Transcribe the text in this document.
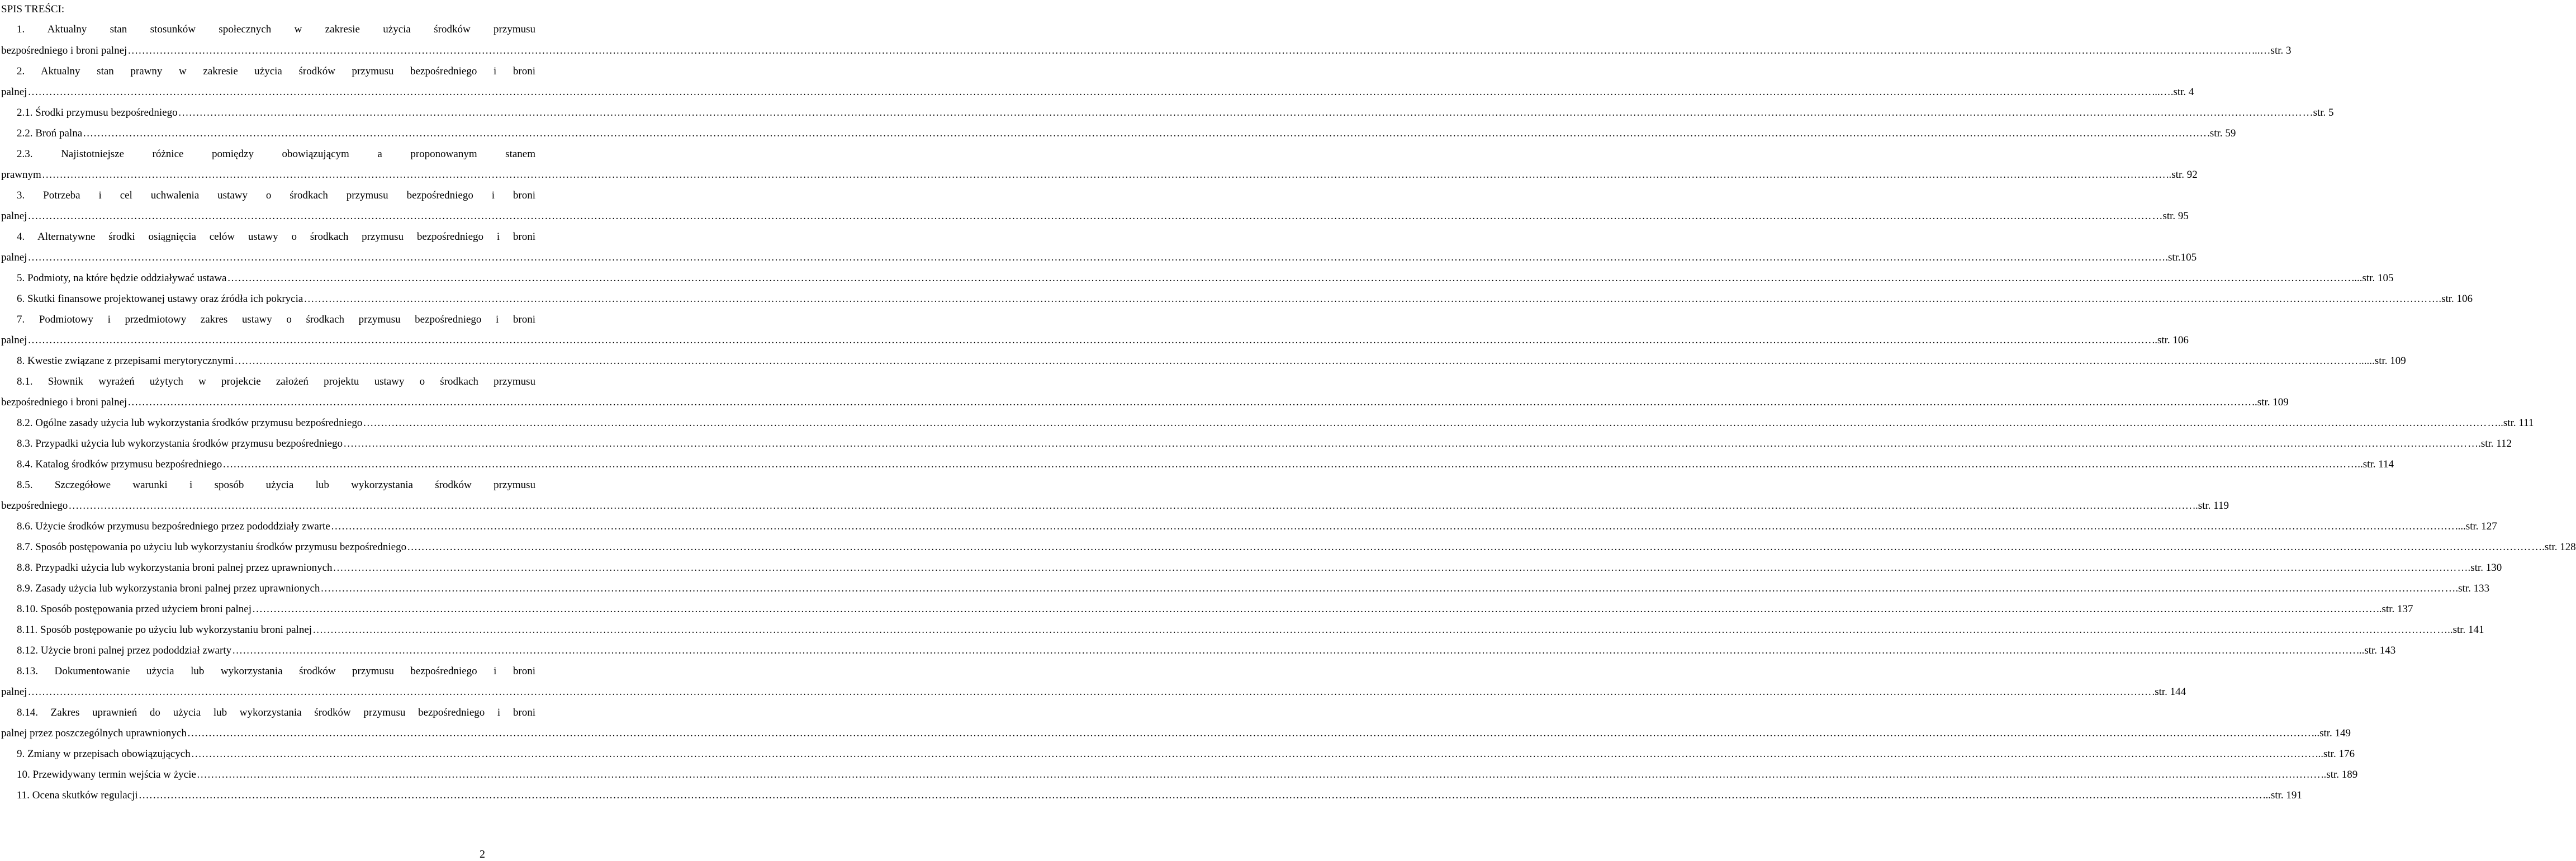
SPIS TREŚCI:
1. Aktualny stan stosunków społecznych w zakresie użycia środków przymusu
bezpośredniego i broni palnej …………………………………………………………………………………………………………………………………………………………………………………………………………………………………………………………………………………………………………………………………………………………………………………………………………………………………………………………………………………………………………………………………………………… ...…str. 3
2. Aktualny stan prawny w zakresie użycia środków przymusu bezpośredniego i broni
palnej …………………………………………………………………………………………………………………………………………………………………………………………………………………………………………………………………………………………………………………………………………………………………………………………………………………………………………………………………………………………………………………………………………………… ...….str. 4
2.1. Środki przymusu bezpośredniego …………………………………………………………………………………………………………………………………………………………………………………………………………………………………………………………………………………………………………………………………………………………………………………………………………………………………………………………………………………………………………………………………………………… …str. 5
2.2. Broń palna …………………………………………………………………………………………………………………………………………………………………………………………………………………………………………………………………………………………………………………………………………………………………………………………………………………………………………………………………………………………………………………………………………………… .str. 59
2.3. Najistotniejsze różnice pomiędzy obowiązującym a proponowanym stanem
prawnym …………………………………………………………………………………………………………………………………………………………………………………………………………………………………………………………………………………………………………………………………………………………………………………………………………………………………………………………………………………………………………………………………………………… ..str. 92
3. Potrzeba i cel uchwalenia ustawy o środkach przymusu bezpośredniego i broni
palnej …………………………………………………………………………………………………………………………………………………………………………………………………………………………………………………………………………………………………………………………………………………………………………………………………………………………………………………………………………………………………………………………………………………… …str. 95
4. Alternatywne środki osiągnięcia celów ustawy o środkach przymusu bezpośredniego i broni
palnej …………………………………………………………………………………………………………………………………………………………………………………………………………………………………………………………………………………………………………………………………………………………………………………………………………………………………………………………………………………………………………………………………………………… .….str.105
5. Podmioty, na które będzie oddziaływać ustawa …………………………………………………………………………………………………………………………………………………………………………………………………………………………………………………………………………………………………………………………………………………………………………………………………………………………………………………………………………………………………………………………………………………… ....str. 105
6. Skutki finansowe projektowanej ustawy oraz źródła ich pokrycia …………………………………………………………………………………………………………………………………………………………………………………………………………………………………………………………………………………………………………………………………………………………………………………………………………………………………………………………………………………………………………………………………………………… ….str. 106
7. Podmiotowy i przedmiotowy zakres ustawy o środkach przymusu bezpośredniego i broni
palnej …………………………………………………………………………………………………………………………………………………………………………………………………………………………………………………………………………………………………………………………………………………………………………………………………………………………………………………………………………………………………………………………………………………… ..str. 106
8. Kwestie związane z przepisami merytorycznymi …………………………………………………………………………………………………………………………………………………………………………………………………………………………………………………………………………………………………………………………………………………………………………………………………………………………………………………………………………………………………………………………………………………… ......str. 109
8.1. Słownik wyrażeń użytych w projekcie założeń projektu ustawy o środkach przymusu
bezpośredniego i broni palnej …………………………………………………………………………………………………………………………………………………………………………………………………………………………………………………………………………………………………………………………………………………………………………………………………………………………………………………………………………………………………………………………………………………… ..str. 109
8.2. Ogólne zasady użycia lub wykorzystania środków przymusu bezpośredniego …………………………………………………………………………………………………………………………………………………………………………………………………………………………………………………………………………………………………………………………………………………………………………………………………………………………………………………………………………………………………………………………………………………… …..str. 111
8.3. Przypadki użycia lub wykorzystania środków przymusu bezpośredniego …………………………………………………………………………………………………………………………………………………………………………………………………………………………………………………………………………………………………………………………………………………………………………………………………………………………………………………………………………………………………………………………………………………… ….str. 112
8.4. Katalog środków przymusu bezpośredniego …………………………………………………………………………………………………………………………………………………………………………………………………………………………………………………………………………………………………………………………………………………………………………………………………………………………………………………………………………………………………………………………………………………… …..str. 114
8.5. Szczegółowe warunki i sposób użycia lub wykorzystania środków przymusu
bezpośredniego …………………………………………………………………………………………………………………………………………………………………………………………………………………………………………………………………………………………………………………………………………………………………………………………………………………………………………………………………………………………………………………………………………………… ..str. 119
8.6. Użycie środków przymusu bezpośredniego przez pododdziały zwarte …………………………………………………………………………………………………………………………………………………………………………………………………………………………………………………………………………………………………………………………………………………………………………………………………………………………………………………………………………………………………………………………………………………… ....str. 127
8.7. Sposób postępowania po użyciu lub wykorzystaniu środków przymusu bezpośredniego …………………………………………………………………………………………………………………………………………………………………………………………………………………………………………………………………………………………………………………………………………………………………………………………………………………………………………………………………………………………………………………………………………………… ….str. 128
8.8. Przypadki użycia lub wykorzystania broni palnej przez uprawnionych …………………………………………………………………………………………………………………………………………………………………………………………………………………………………………………………………………………………………………………………………………………………………………………………………………………………………………………………………………………………………………………………………………………… ….str. 130
8.9. Zasady użycia lub wykorzystania broni palnej przez uprawnionych …………………………………………………………………………………………………………………………………………………………………………………………………………………………………………………………………………………………………………………………………………………………………………………………………………………………………………………………………………………………………………………………………………………… ….str. 133
8.10. Sposób postępowania przed użyciem broni palnej …………………………………………………………………………………………………………………………………………………………………………………………………………………………………………………………………………………………………………………………………………………………………………………………………………………………………………………………………………………………………………………………………………………… ..str. 137
8.11. Sposób postępowanie po użyciu lub wykorzystaniu broni palnej …………………………………………………………………………………………………………………………………………………………………………………………………………………………………………………………………………………………………………………………………………………………………………………………………………………………………………………………………………………………………………………………………………………… …..str. 141
8.12. Użycie broni palnej przez pododdział zwarty …………………………………………………………………………………………………………………………………………………………………………………………………………………………………………………………………………………………………………………………………………………………………………………………………………………………………………………………………………………………………………………………………………………… ...str. 143
8.13. Dokumentowanie użycia lub wykorzystania środków przymusu bezpośredniego i broni
palnej …………………………………………………………………………………………………………………………………………………………………………………………………………………………………………………………………………………………………………………………………………………………………………………………………………………………………………………………………………………………………………………………………………………… .str. 144
8.14. Zakres uprawnień do użycia lub wykorzystania środków przymusu bezpośredniego i broni
palnej przez poszczególnych uprawnionych …………………………………………………………………………………………………………………………………………………………………………………………………………………………………………………………………………………………………………………………………………………………………………………………………………………………………………………………………………………………………………………………………………………… ...str. 149
9. Zmiany w przepisach obowiązujących …………………………………………………………………………………………………………………………………………………………………………………………………………………………………………………………………………………………………………………………………………………………………………………………………………………………………………………………………………………………………………………………………………………… ...str. 176
10. Przewidywany termin wejścia w życie …………………………………………………………………………………………………………………………………………………………………………………………………………………………………………………………………………………………………………………………………………………………………………………………………………………………………………………………………………………………………………………………………………………… ..str. 189
11. Ocena skutków regulacji …………………………………………………………………………………………………………………………………………………………………………………………………………………………………………………………………………………………………………………………………………………………………………………………………………………………………………………………………………………………………………………………………………………… ...str. 191
2
